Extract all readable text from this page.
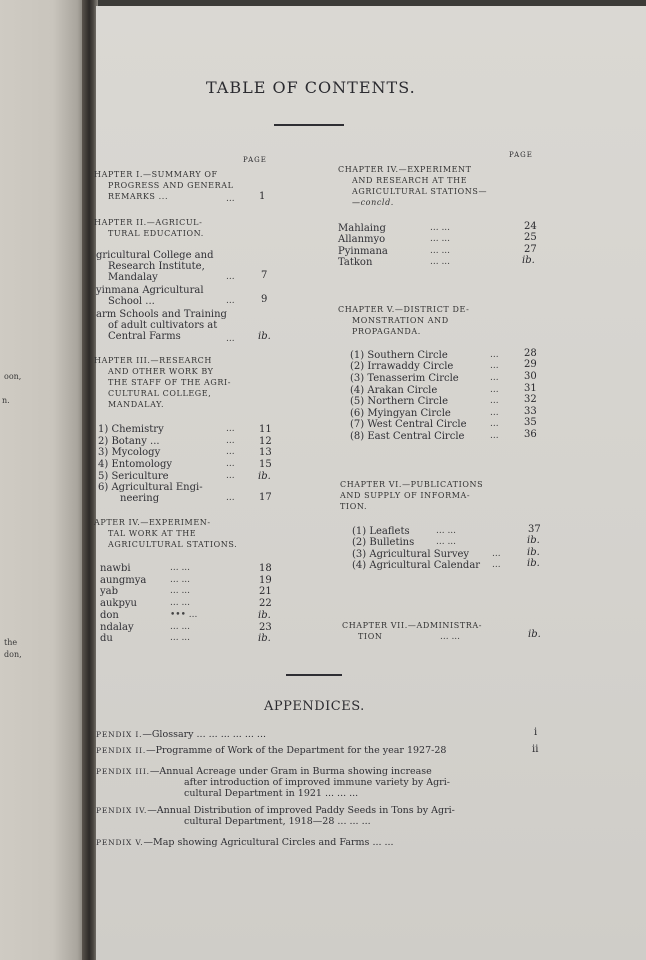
oon,
n.
the
don,
TABLE OF CONTENTS.
PAGE
HAPTER I.—SUMMARY OF
PROGRESS AND GENERAL
REMARKS ...	... 1
HAPTER II.—AGRICUL-
TURAL EDUCATION.
gricultural College and
Research Institute,
Mandalay	...	7
yinmana Agricultural
School ...	...	9
arm Schools and Training
of adult cultivators at
Central Farms	... ib.
HAPTER III.—RESEARCH
AND OTHER WORK BY
THE STAFF OF THE AGRI-
CULTURAL COLLEGE,
MANDALAY.
1) Chemistry	... 11
2) Botany ...	... 12
3) Mycology	... 13
4) Entomology	... 15
5) Sericulture	... ib.
6) Agricultural Engi-
neering	... 17
APTER IV.—EXPERIMEN-
TAL WORK AT THE
AGRICULTURAL STATIONS.
nawbi	... ...	18
aungmya	... ...	19
yab	... ...	21
aukpyu	... ...	22
don	••• ...	ib.
ndalay	... ...	23
du	... ...	ib.
PAGE
CHAPTER IV.—EXPERIMENT
AND RESEARCH AT THE
AGRICULTURAL STATIONS—
—concld.
Mahlaing	... ...	24
Allanmyo	... ...	25
Pyinmana	... ...	27
Tatkon	... ...	ib.
CHAPTER V.—DISTRICT DE-
MONSTRATION AND
PROPAGANDA.
(1) Southern Circle	...	28
(2) Irrawaddy Circle	...	29
(3) Tenasserim Circle	...	30
(4) Arakan Circle	...	31
(5) Northern Circle	...	32
(6) Myingyan Circle	...	33
(7) West Central Circle	...	35
(8) East Central Circle	...	36
CHAPTER VI.—PUBLICATIONS
AND SUPPLY OF INFORMA-
TION.
(1) Leaflets	... ...	37
(2) Bulletins ... ...	ib.
(3) Agricultural Survey	...	ib.
(4) Agricultural Calendar ...	ib.
CHAPTER VII.—ADMINISTRA-
TION	... ...	ib.
APPENDICES.
PENDIX I.—Glossary ... ... ... ... ... ...	i
PENDIX II.—Programme of Work of the Department for the year 1927-28	ii
PENDIX III.—Annual Acreage under Gram in Burma showing increase
after introduction of improved immune variety by Agri-
cultural Department in 1921 ... ... ...
PENDIX IV.—Annual Distribution of improved Paddy Seeds in Tons by Agri-
cultural Department, 1918—28 ... ... ...
PENDIX V.—Map showing Agricultural Circles and Farms ... ...
